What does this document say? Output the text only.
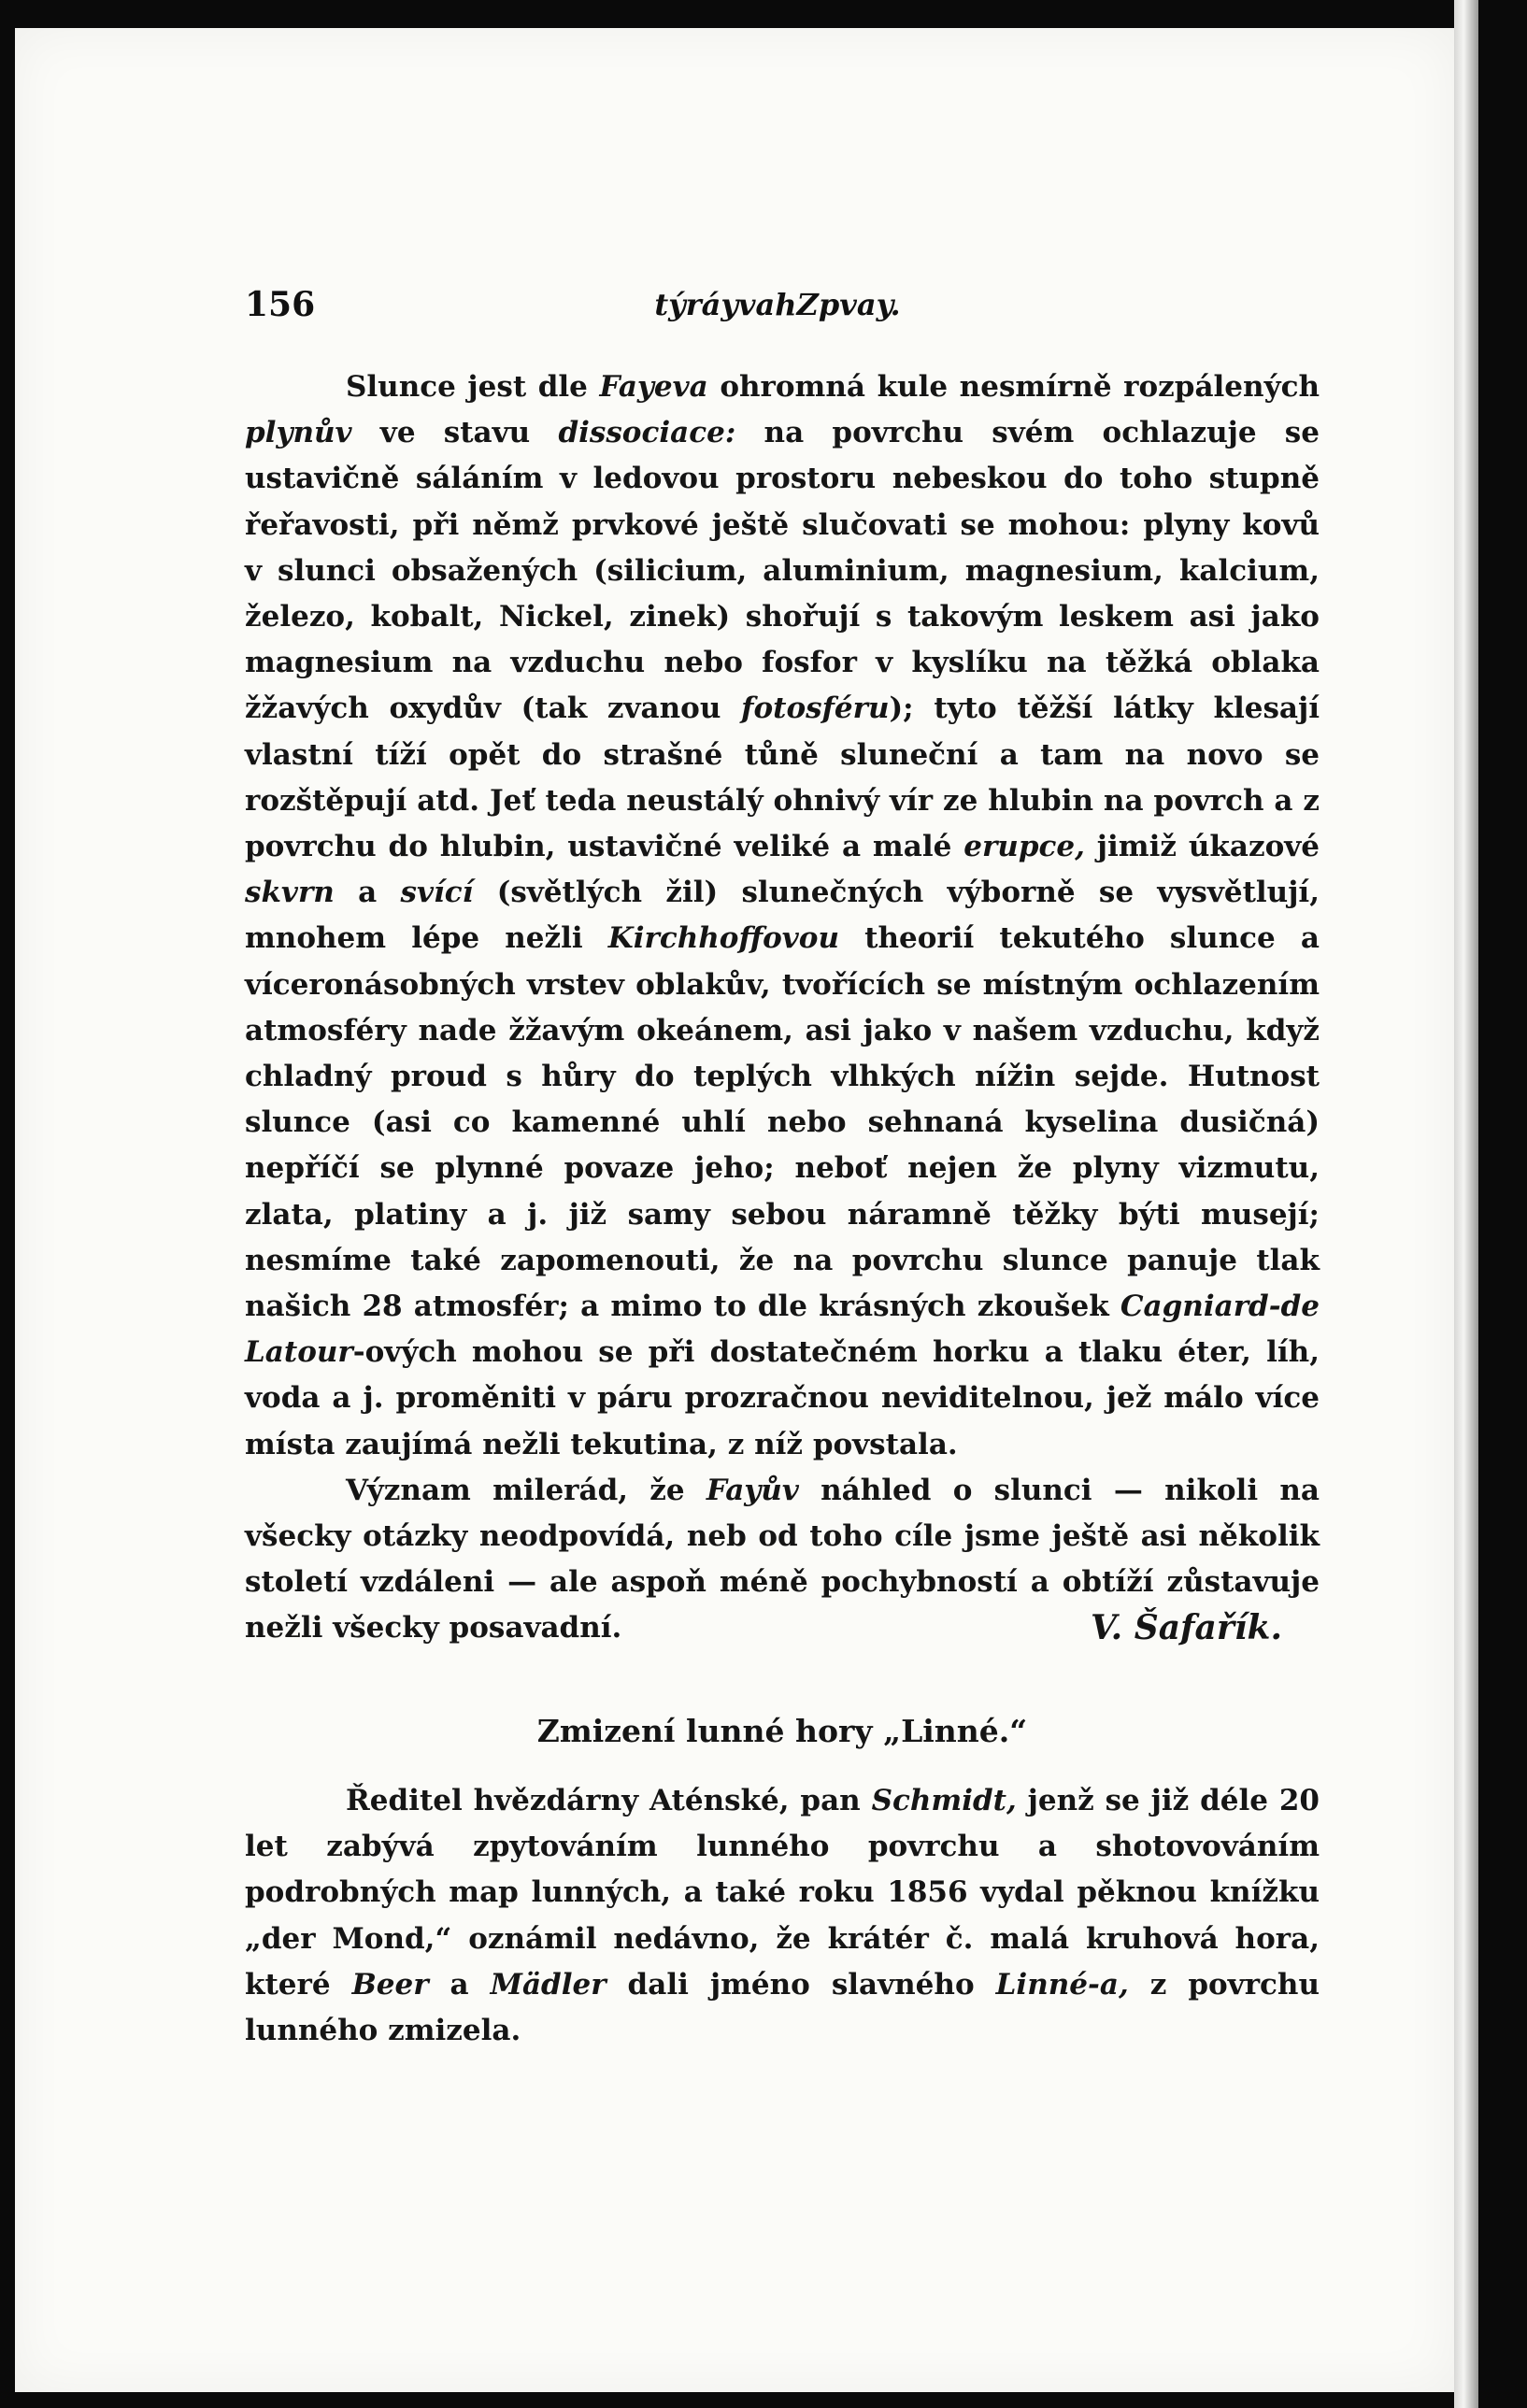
156	týráyvahZpvay.

Slunce jest dle Fayeva ohromná kule nesmírně rozpálených plynův ve stavu dissociace: na povrchu svém ochlazuje se ustavičně sáláním v ledovou prostoru nebeskou do toho stupně řeřavosti, při němž prvkové ještě slučovati se mohou: plyny kovů v slunci obsažených (silicium, aluminium, magnesium, kalcium, železo, kobalt, Nickel, zinek) shořují s takovým leskem asi jako magnesium na vzduchu nebo fosfor v kyslíku na těžká oblaka žžavých oxydův (tak zvanou fotosféru); tyto těžší látky klesají vlastní tíží opět do strašné tůně sluneční a tam na novo se rozštěpují atd. Jeť teda neustálý ohnivý vír ze hlubin na povrch a z povrchu do hlubin, ustavičné veliké a malé erupce, jimiž úkazové skvrn a svící (světlých žil) slunečných výborně se vysvětlují, mnohem lépe nežli Kirchhoffovou theorií tekutého slunce a víceronásobných vrstev oblakův, tvořících se místným ochlazením atmosféry nade žžavým okeánem, asi jako v našem vzduchu, když chladný proud s hůry do teplých vlhkých nížin sejde. Hutnost slunce (asi co kamenné uhlí nebo sehnaná kyselina dusičná) nepříčí se plynné povaze jeho; neboť nejen že plyny vizmutu, zlata, platiny a j. již samy sebou náramně těžky býti musejí; nesmíme také zapomenouti, že na povrchu slunce panuje tlak našich 28 atmosfér; a mimo to dle krásných zkoušek Cagniard-de Latour-ových mohou se při dostatečném horku a tlaku éter, líh, voda a j. proměniti v páru prozračnou neviditelnou, jež málo více místa zaujímá nežli tekutina, z níž povstala.

Význam milerád, že Fayův náhled o slunci — nikoli na všecky otázky neodpovídá, neb od toho cíle jsme ještě asi několik století vzdáleni — ale aspoň méně pochybností a obtíží zůstavuje nežli všecky posavadní.	V. Šafařík.

Zmizení lunné hory „Linné.“

Ředitel hvězdárny Aténské, pan Schmidt, jenž se již déle 20 let zabývá zpytováním lunného povrchu a shotovováním podrobných map lunných, a také roku 1856 vydal pěknou knížku „der Mond,“ oznámil nedávno, že krátér č. malá kruhová hora, které Beer a Mädler dali jméno slavného Linné-a, z povrchu lunného zmizela.
